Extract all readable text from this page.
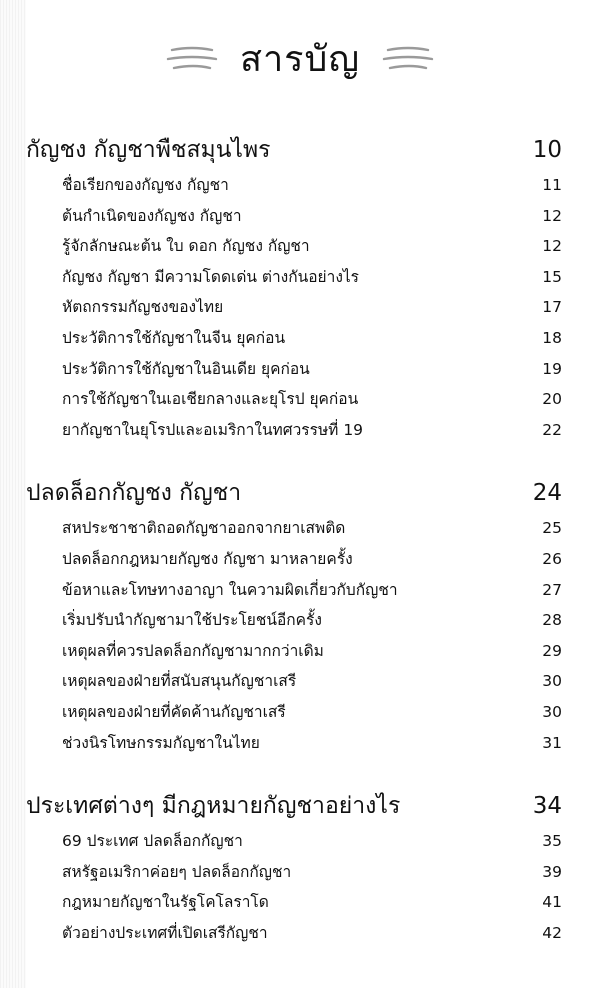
สารบัญ
กัญชง กัญชาพืชสมุนไพร	10
ชื่อเรียกของกัญชง กัญชา	11
ต้นกำเนิดของกัญชง กัญชา	12
รู้จักลักษณะต้น ใบ ดอก กัญชง กัญชา	12
กัญชง กัญชา มีความโดดเด่น ต่างกันอย่างไร	15
หัตถกรรมกัญชงของไทย	17
ประวัติการใช้กัญชาในจีน ยุคก่อน	18
ประวัติการใช้กัญชาในอินเดีย ยุคก่อน	19
การใช้กัญชาในเอเชียกลางและยุโรป ยุคก่อน	20
ยากัญชาในยุโรปและอเมริกาในทศวรรษที่ 19	22
ปลดล็อกกัญชง กัญชา	24
สหประชาชาติถอดกัญชาออกจากยาเสพติด	25
ปลดล็อกกฎหมายกัญชง กัญชา มาหลายครั้ง	26
ข้อหาและโทษทางอาญา ในความผิดเกี่ยวกับกัญชา	27
เริ่มปรับนำกัญชามาใช้ประโยชน์อีกครั้ง	28
เหตุผลที่ควรปลดล็อกกัญชามากกว่าเดิม	29
เหตุผลของฝ่ายที่สนับสนุนกัญชาเสรี	30
เหตุผลของฝ่ายที่คัดค้านกัญชาเสรี	30
ช่วงนิรโทษกรรมกัญชาในไทย	31
ประเทศต่างๆ มีกฎหมายกัญชาอย่างไร	34
69 ประเทศ ปลดล็อกกัญชา	35
สหรัฐอเมริกาค่อยๆ ปลดล็อกกัญชา	39
กฎหมายกัญชาในรัฐโคโลราโด	41
ตัวอย่างประเทศที่เปิดเสรีกัญชา	42
